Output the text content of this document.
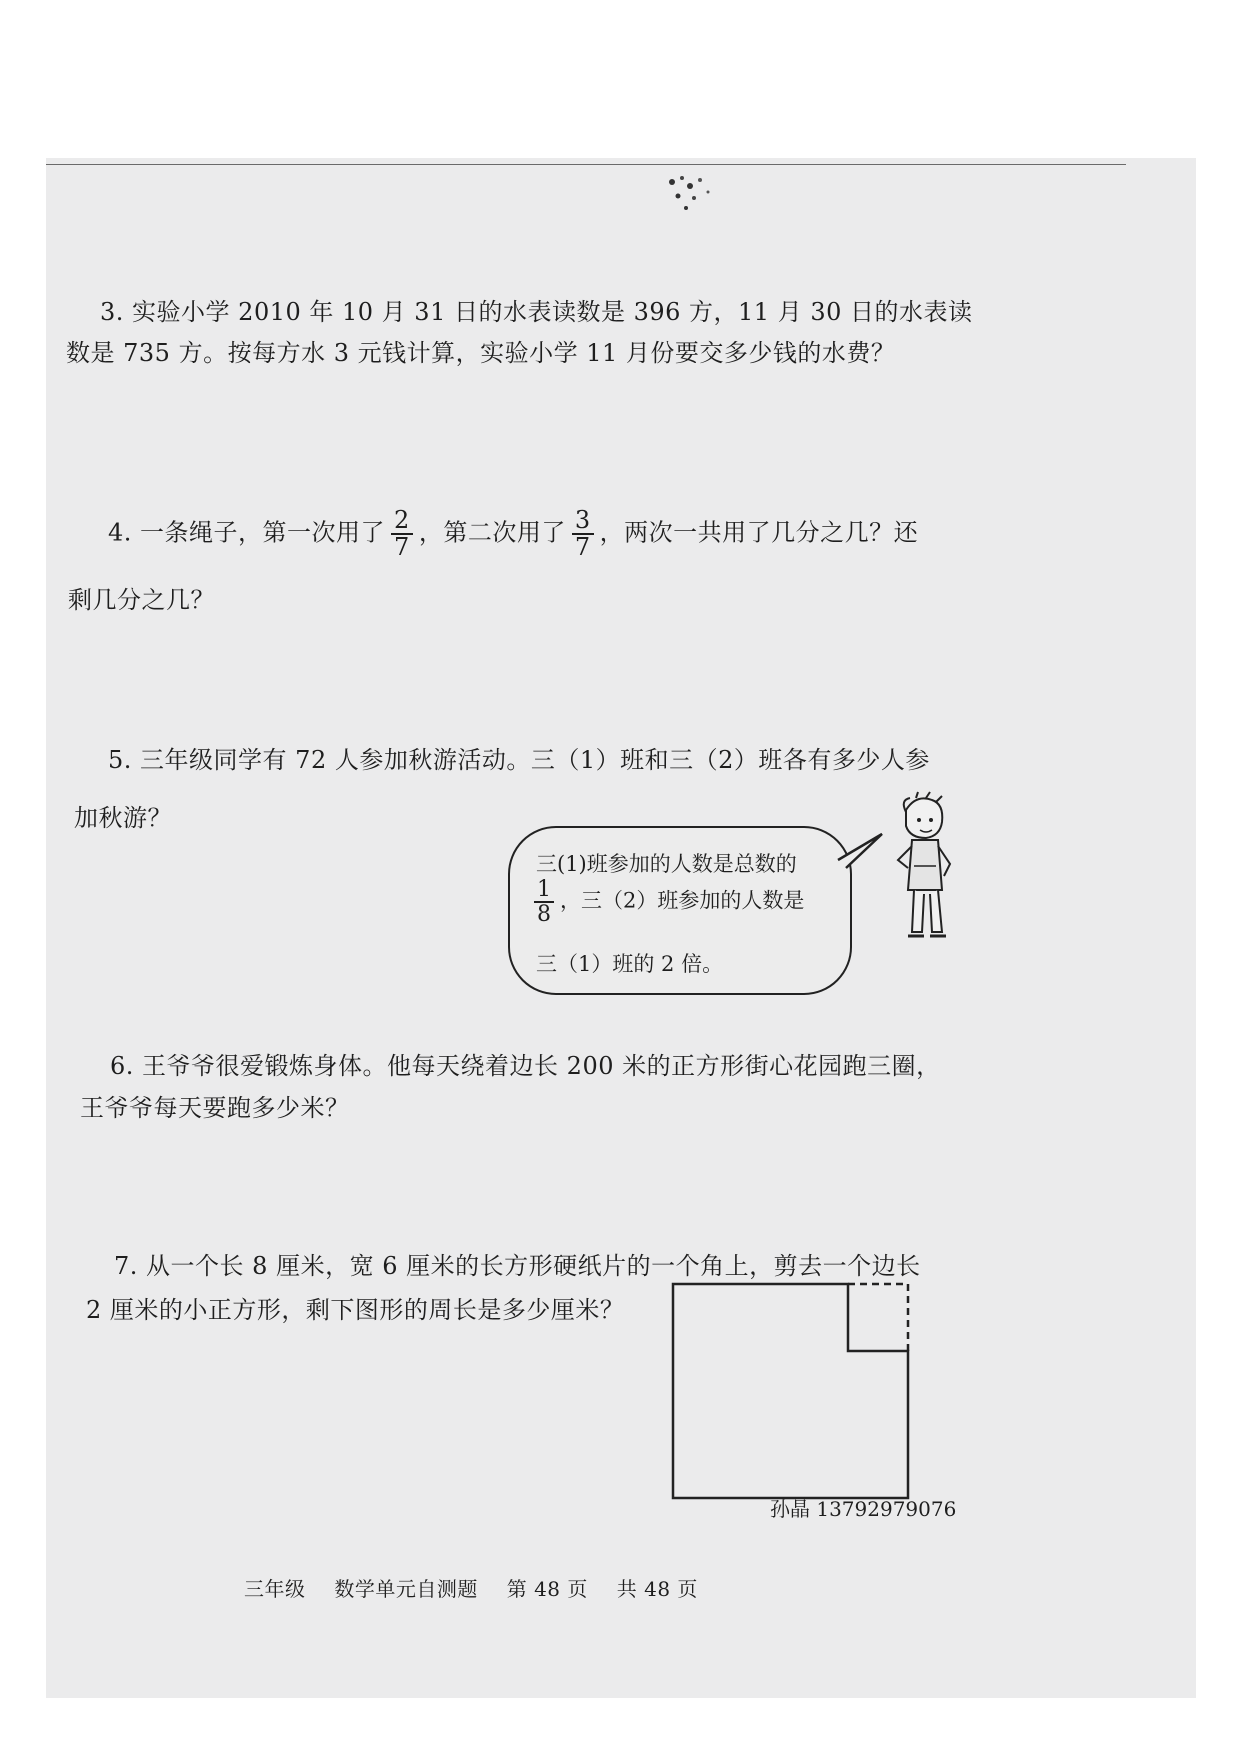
3. 实验小学 2010 年 10 月 31 日的水表读数是 396 方，11 月 30 日的水表读
数是 735 方。按每方水 3 元钱计算，实验小学 11 月份要交多少钱的水费？
4. 一条绳子，第一次用了 $\frac{2}{7}$ ，第二次用了 $\frac{3}{7}$ ，两次一共用了几分之几？还
剩几分之几？
5. 三年级同学有 72 人参加秋游活动。三（1）班和三（2）班各有多少人参
加秋游？
三(1)班参加的人数是总数的
$\frac{1}{8}$ ，三（2）班参加的人数是
三（1）班的 2 倍。
6. 王爷爷很爱锻炼身体。他每天绕着边长 200 米的正方形街心花园跑三圈，
王爷爷每天要跑多少米？
7. 从一个长 8 厘米，宽 6 厘米的长方形硬纸片的一个角上，剪去一个边长
2 厘米的小正方形，剩下图形的周长是多少厘米？
孙晶 13792979076
三年级 数学单元自测题 第 48 页 共 48 页
